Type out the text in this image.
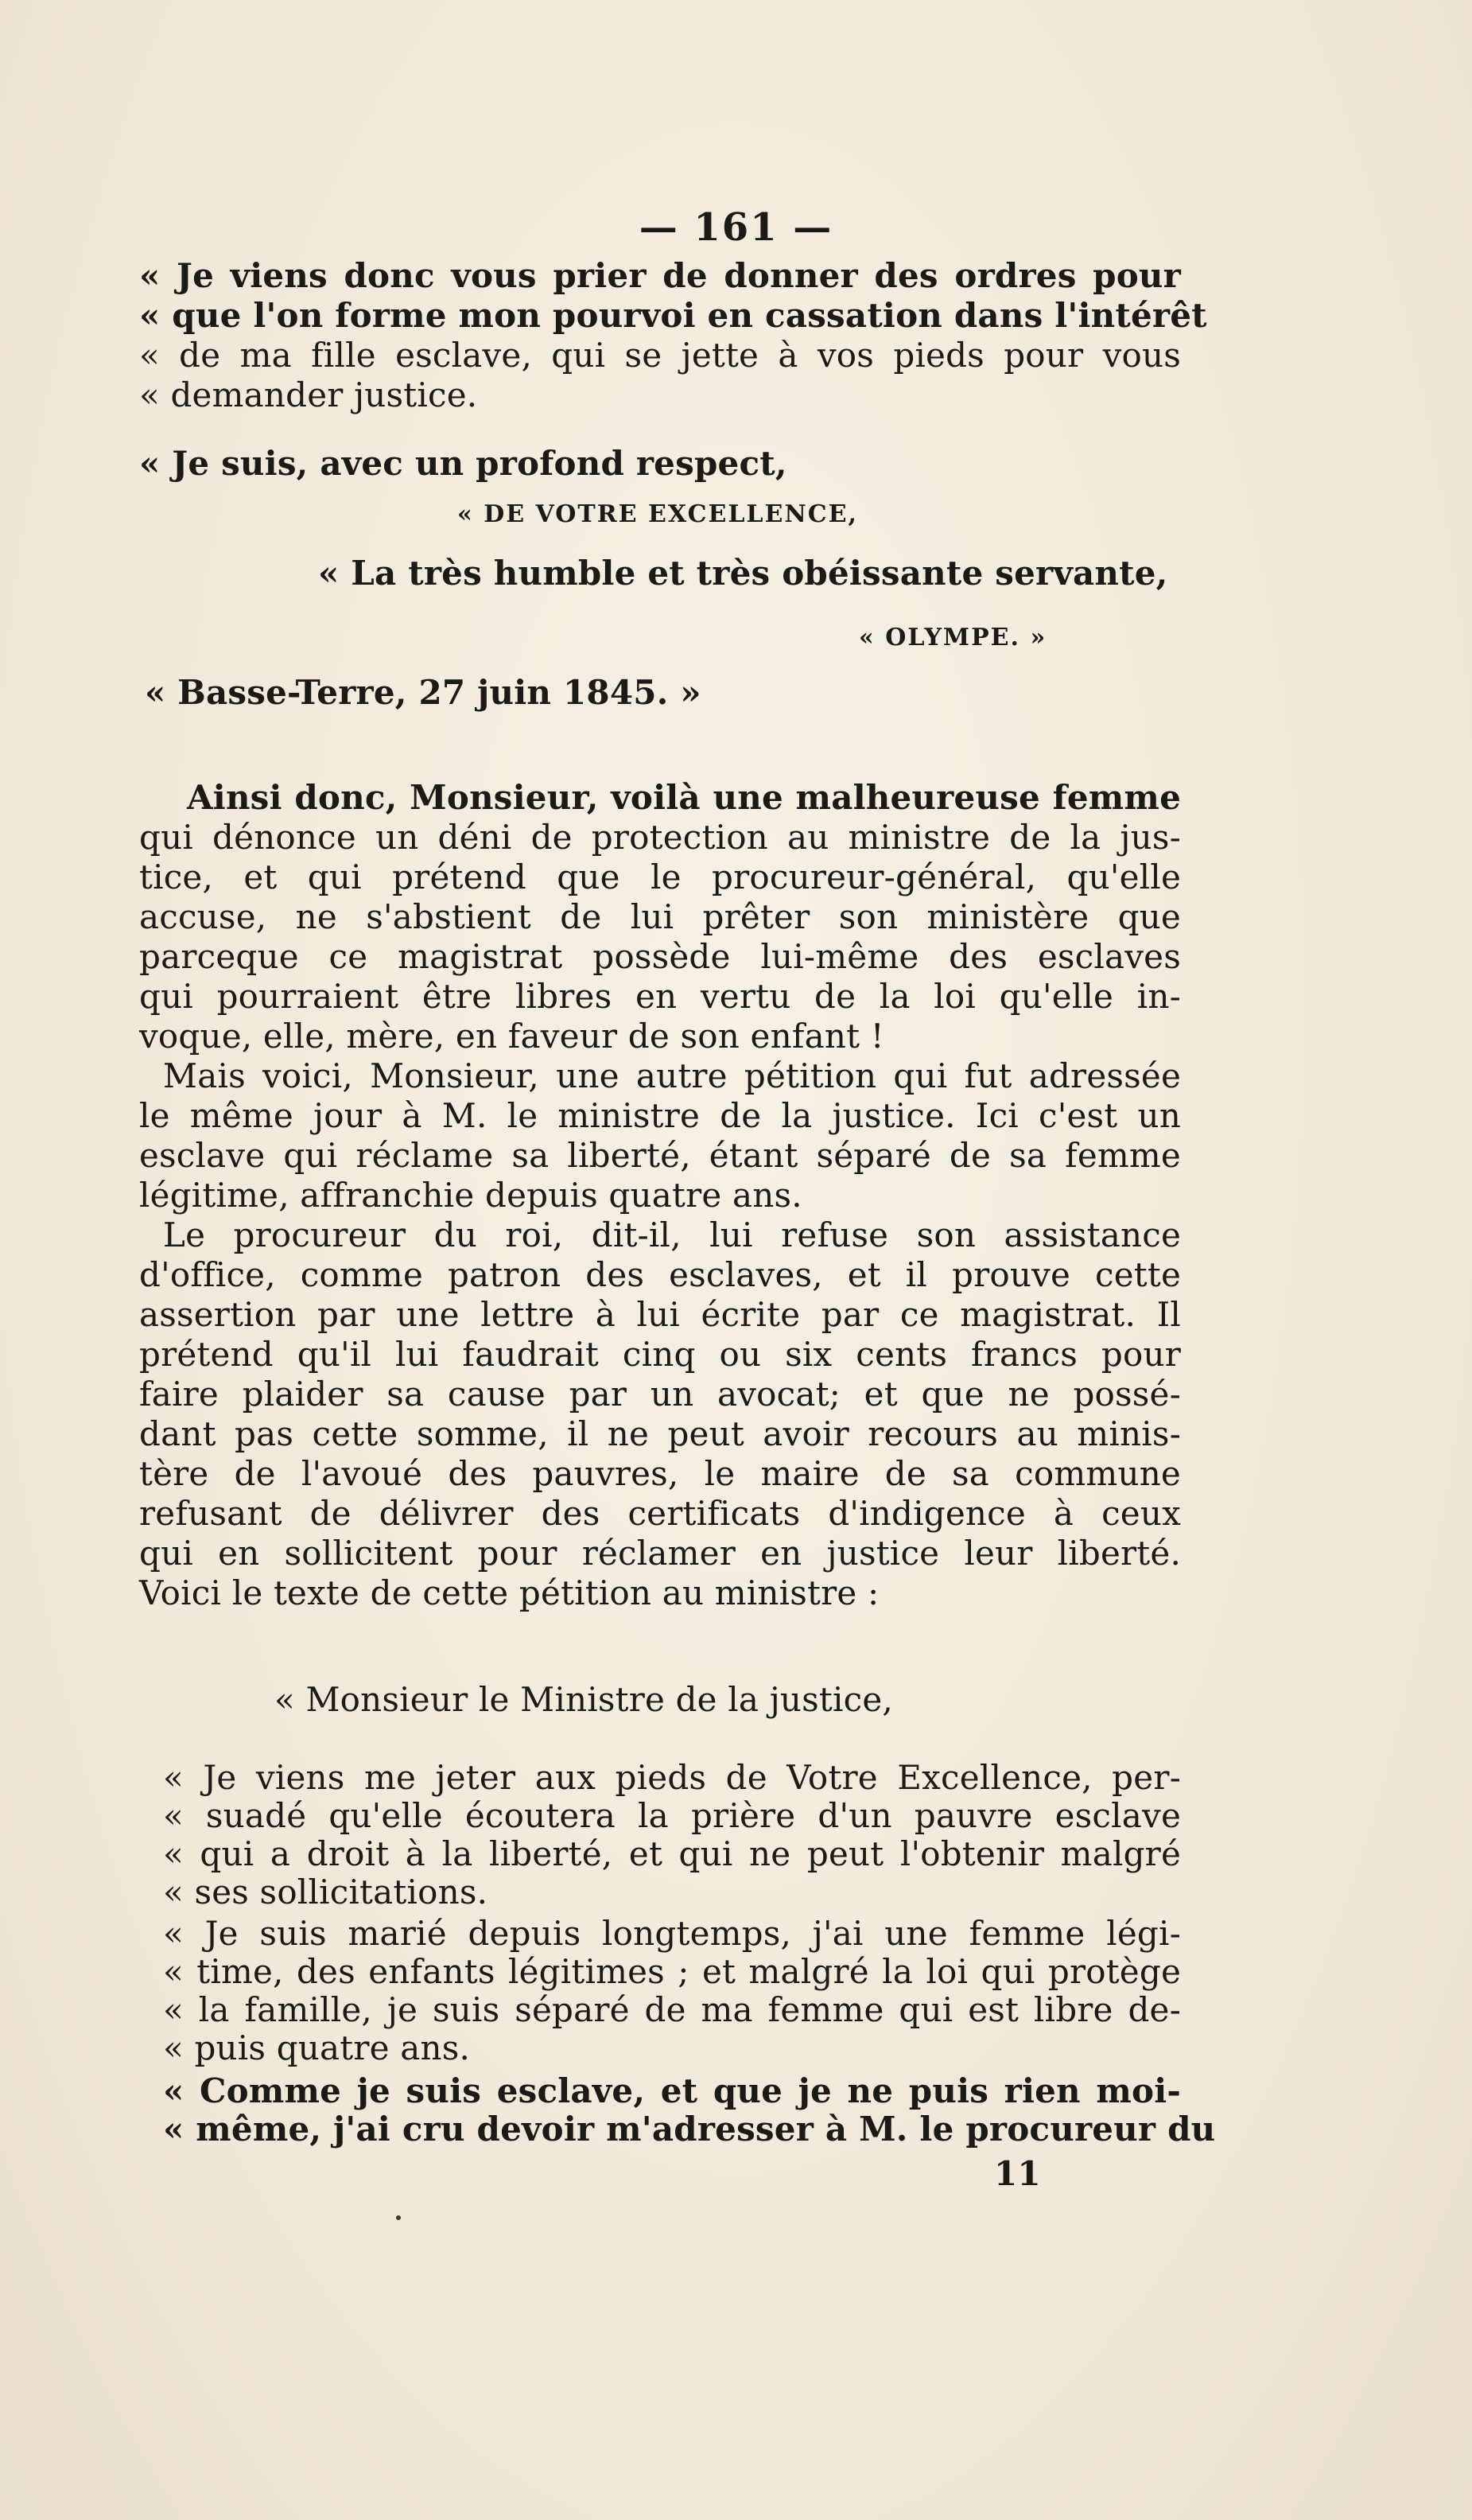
— 161 —
« Je viens donc vous prier de donner des ordres pour
« que l'on forme mon pourvoi en cassation dans l'intérêt
« de ma fille esclave, qui se jette à vos pieds pour vous
« demander justice.
« Je suis, avec un profond respect,
« DE VOTRE EXCELLENCE,
« La très humble et très obéissante servante,
« OLYMPE. »
« Basse-Terre, 27 juin 1845. »
Ainsi donc, Monsieur, voilà une malheureuse femme
qui dénonce un déni de protection au ministre de la jus-
tice, et qui prétend que le procureur-général, qu'elle
accuse, ne s'abstient de lui prêter son ministère que
parceque ce magistrat possède lui-même des esclaves
qui pourraient être libres en vertu de la loi qu'elle in-
voque, elle, mère, en faveur de son enfant !
Mais voici, Monsieur, une autre pétition qui fut adressée
le même jour à M. le ministre de la justice. Ici c'est un
esclave qui réclame sa liberté, étant séparé de sa femme
légitime, affranchie depuis quatre ans.
Le procureur du roi, dit-il, lui refuse son assistance
d'office, comme patron des esclaves, et il prouve cette
assertion par une lettre à lui écrite par ce magistrat. Il
prétend qu'il lui faudrait cinq ou six cents francs pour
faire plaider sa cause par un avocat; et que ne possé-
dant pas cette somme, il ne peut avoir recours au minis-
tère de l'avoué des pauvres, le maire de sa commune
refusant de délivrer des certificats d'indigence à ceux
qui en sollicitent pour réclamer en justice leur liberté.
Voici le texte de cette pétition au ministre :
« Monsieur le Ministre de la justice,
« Je viens me jeter aux pieds de Votre Excellence, per-
« suadé qu'elle écoutera la prière d'un pauvre esclave
« qui a droit à la liberté, et qui ne peut l'obtenir malgré
« ses sollicitations.
« Je suis marié depuis longtemps, j'ai une femme légi-
« time, des enfants légitimes ; et malgré la loi qui protège
« la famille, je suis séparé de ma femme qui est libre de-
« puis quatre ans.
« Comme je suis esclave, et que je ne puis rien moi-
« même, j'ai cru devoir m'adresser à M. le procureur du
11
